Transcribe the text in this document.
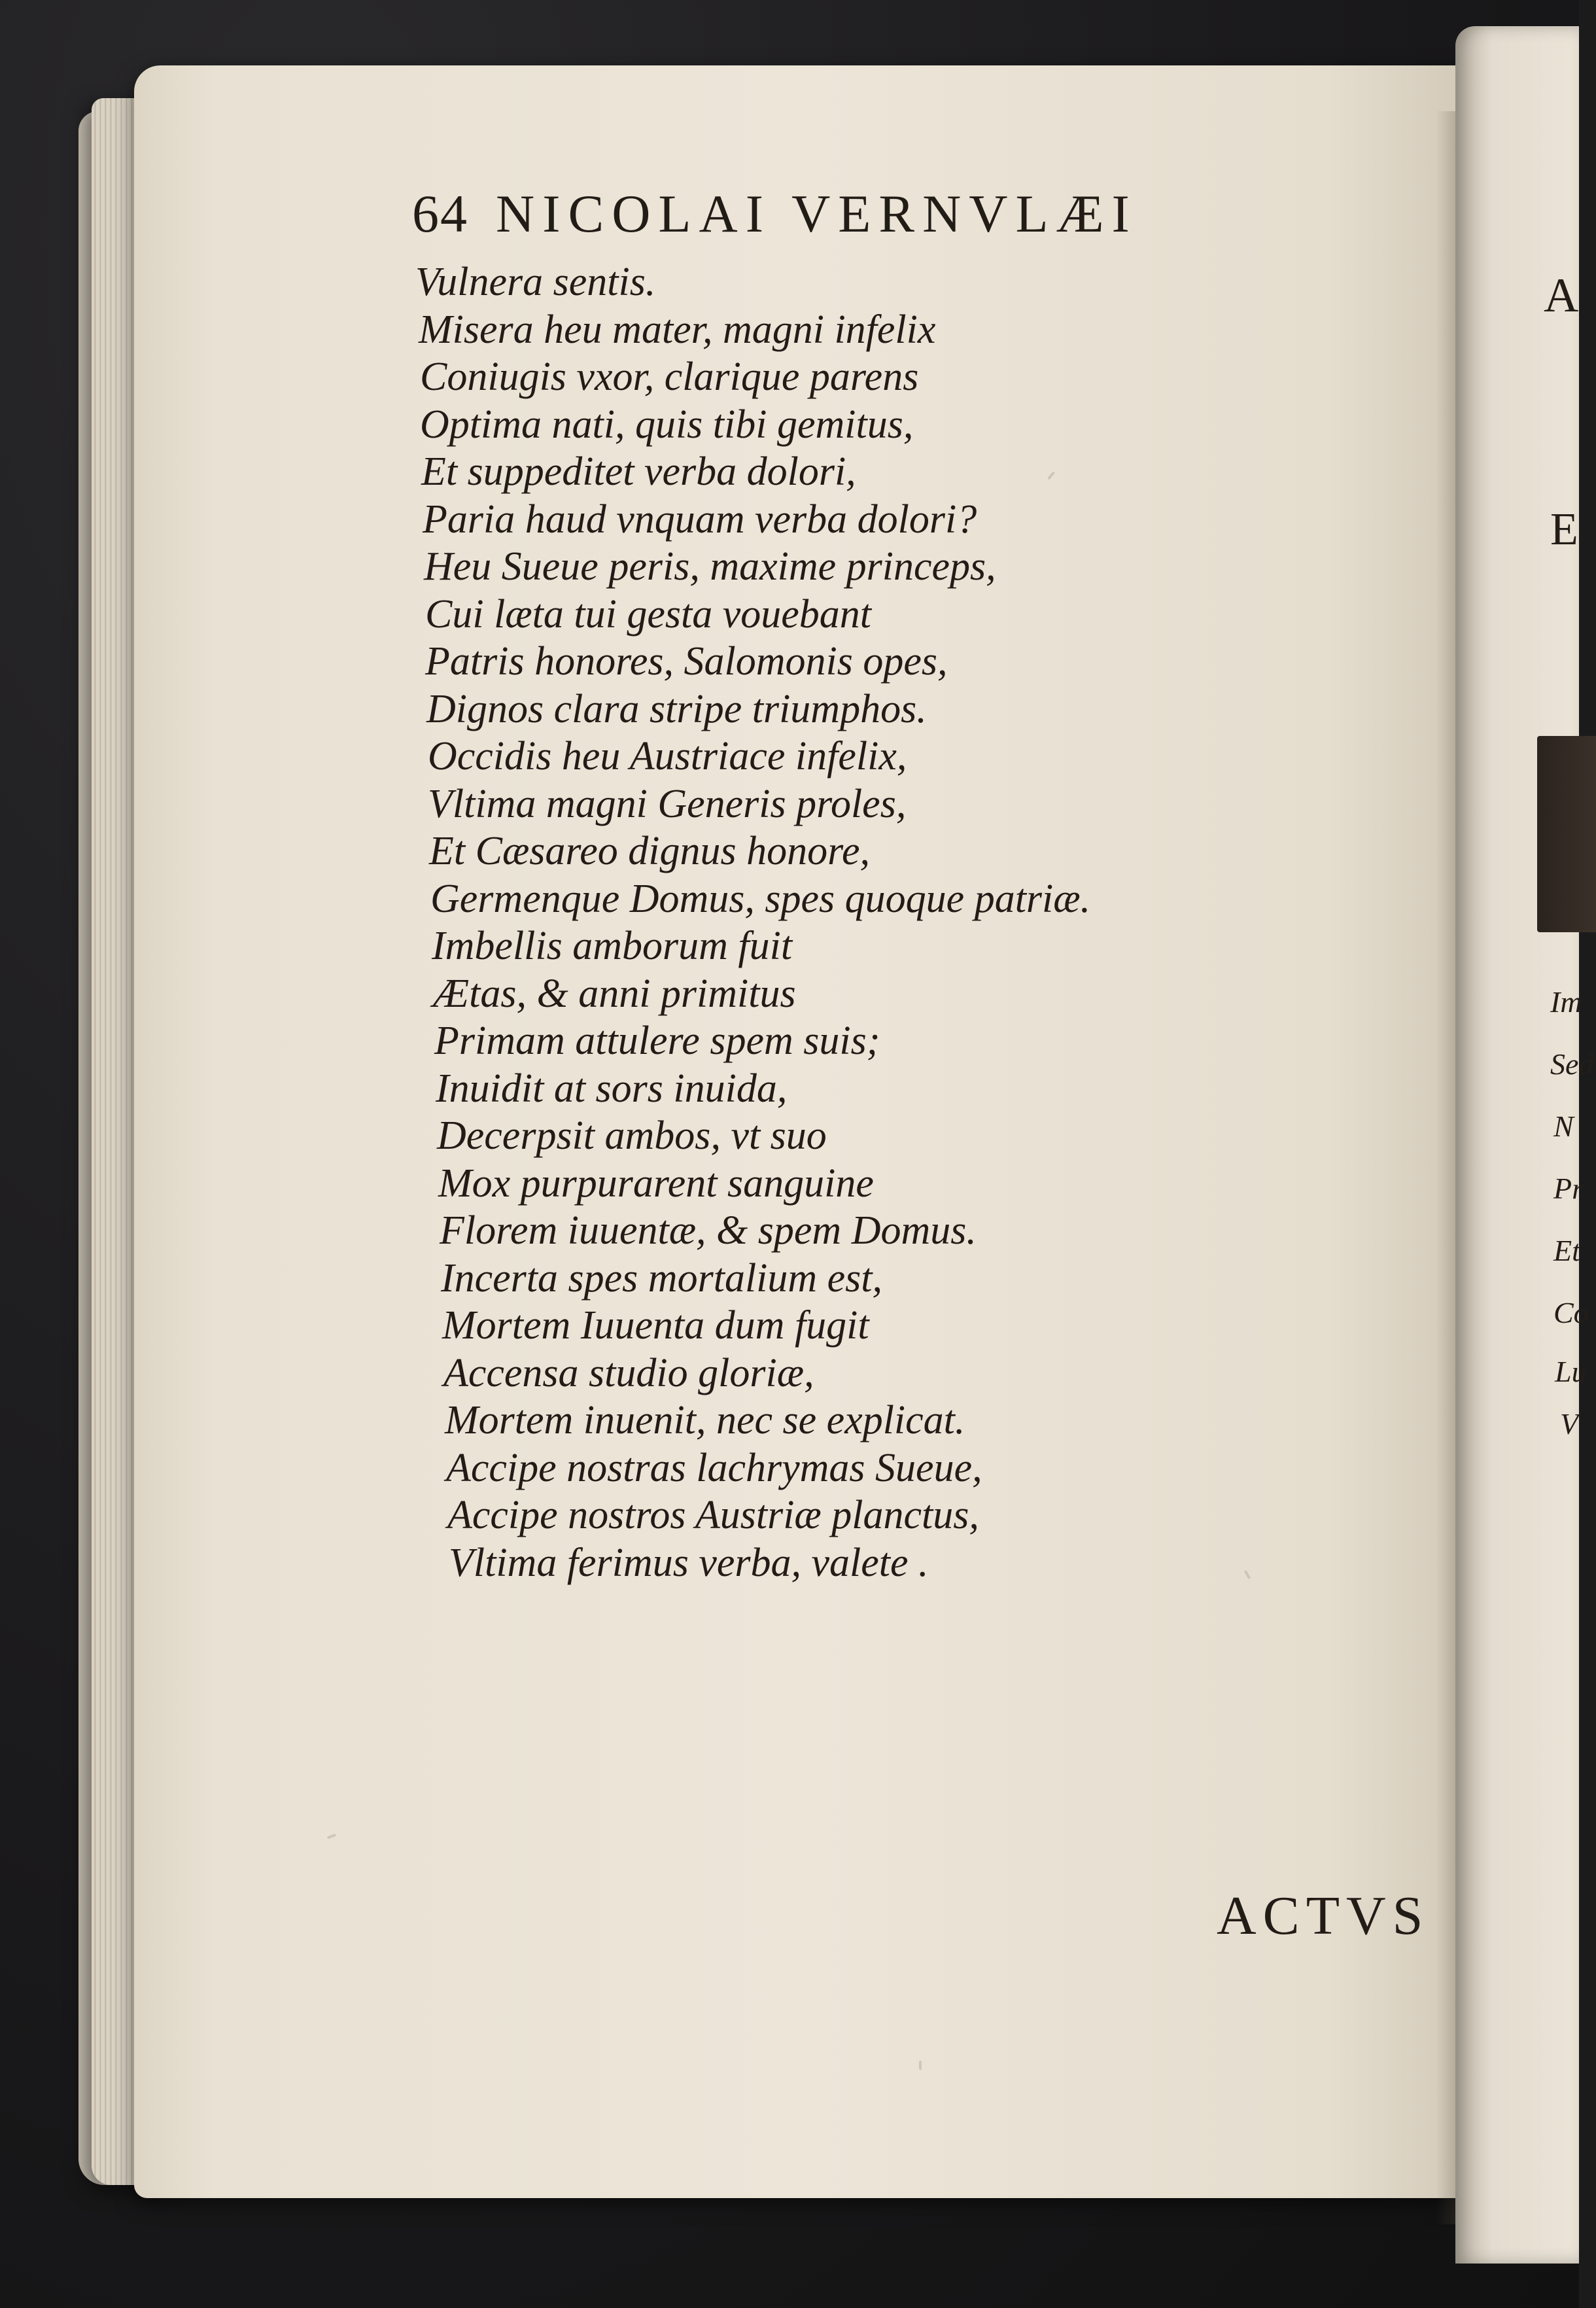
A
E
Im
Sed
N
Pr
Et
Co
Lu
V
64 NICOLAI VERNVLÆI
Vulnera sentis.
Misera heu mater, magni infelix
Coniugis vxor, clarique parens
Optima nati, quis tibi gemitus,
Et suppeditet verba dolori,
Paria haud vnquam verba dolori?
Heu Sueue peris, maxime princeps,
Cui læta tui gesta vouebant
Patris honores, Salomonis opes,
Dignos clara stripe triumphos.
Occidis heu Austriace infelix,
Vltima magni Generis proles,
Et Cæsareo dignus honore,
Germenque Domus, spes quoque patriæ.
Imbellis amborum fuit
Ætas, & anni primitus
Primam attulere spem suis;
Inuidit at sors inuida,
Decerpsit ambos, vt suo
Mox purpurarent sanguine
Florem iuuentæ, & spem Domus.
Incerta spes mortalium est,
Mortem Iuuenta dum fugit
Accensa studio gloriæ,
Mortem inuenit, nec se explicat.
Accipe nostras lachrymas Sueue,
Accipe nostros Austriæ planctus,
Vltima ferimus verba, valete .
ACTVS
